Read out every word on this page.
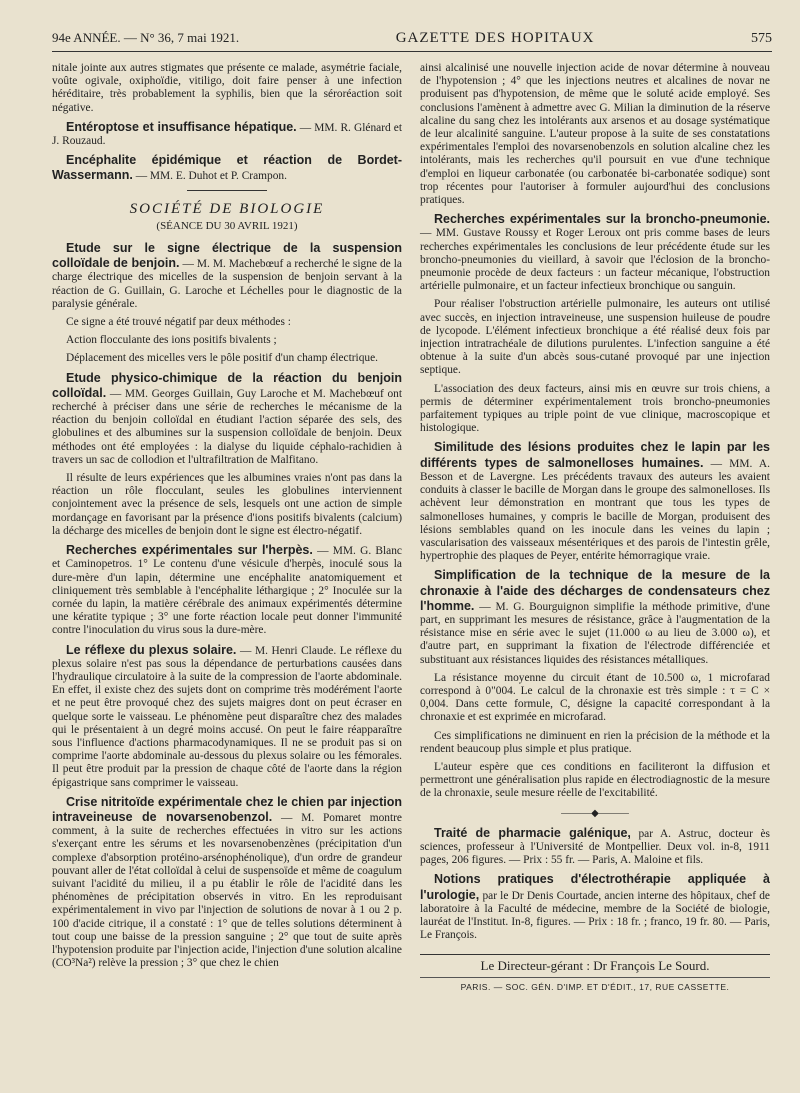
94e ANNÉE. — N° 36, 7 mai 1921.	GAZETTE DES HOPITAUX	575

nitale jointe aux autres stigmates que présente ce malade, asymétrie faciale, voûte ogivale, oxiphoïdie, vitiligo, doit faire penser à une infection héréditaire, très probablement la syphilis, bien que la séroréaction soit négative.

Entéroptose et insuffisance hépatique. — MM. R. Glénard et J. Rouzaud.

Encéphalite épidémique et réaction de Bordet-Wassermann. — MM. E. Duhot et P. Crampon.

SOCIÉTÉ DE BIOLOGIE
(SÉANCE DU 30 AVRIL 1921)

Etude sur le signe électrique de la suspension colloïdale de benjoin. — M. M. Machebœuf a recherché le signe de la charge électrique des micelles de la suspension de benjoin servant à la réaction de G. Guillain, G. Laroche et Léchelles pour le diagnostic de la paralysie générale.

Ce signe a été trouvé négatif par deux méthodes :

Action flocculante des ions positifs bivalents ;

Déplacement des micelles vers le pôle positif d'un champ électrique.

Etude physico-chimique de la réaction du benjoin colloïdal. — MM. Georges Guillain, Guy Laroche et M. Machebœuf ont recherché à préciser dans une série de recherches le mécanisme de la réaction du benjoin colloïdal en étudiant l'action séparée des sels, des globulines et des albumines sur la suspension colloïdale de benjoin. Deux méthodes ont été employées : la dialyse du liquide céphalo-rachidien à travers un sac de collodion et l'ultrafiltration de Malfitano.

Il résulte de leurs expériences que les albumines vraies n'ont pas dans la réaction un rôle flocculant, seules les globulines interviennent conjointement avec la présence de sels, lesquels ont une action de simple mordançage en favorisant par la présence d'ions positifs bivalents (calcium) la décharge des micelles de benjoin dont le signe est électro-négatif.

Recherches expérimentales sur l'herpès. — MM. G. Blanc et Caminopetros. 1° Le contenu d'une vésicule d'herpès, inoculé sous la dure-mère d'un lapin, détermine une encéphalite anatomiquement et cliniquement très semblable à l'encéphalite léthargique ; 2° Inoculée sur la cornée du lapin, la matière cérébrale des animaux expérimentés détermine une kératite typique ; 3° une forte réaction locale peut donner l'immunité contre l'inoculation du virus sous la dure-mère.

Le réflexe du plexus solaire. — M. Henri Claude. Le réflexe du plexus solaire n'est pas sous la dépendance de perturbations causées dans l'hydraulique circulatoire à la suite de la compression de l'aorte abdominale. En effet, il existe chez des sujets dont on comprime très modérément l'aorte et ne peut être provoqué chez des sujets maigres dont on peut écraser en quelque sorte le vaisseau. Le phénomène peut disparaître chez des malades qui le présentaient à un degré moins accusé. On peut le faire réapparaître sous l'influence d'actions pharmacodynamiques. Il ne se produit pas si on comprime l'aorte abdominale au-dessous du plexus solaire ou les fémorales. Il peut être produit par la pression de chaque côté de l'aorte dans la région épigastrique sans comprimer le vaisseau.

Crise nitritoïde expérimentale chez le chien par injection intraveineuse de novarsenobenzol. — M. Pomaret montre comment, à la suite de recherches effectuées in vitro sur les actions s'exerçant entre les sérums et les novarsenobenzènes (précipitation d'un complexe d'absorption protéino-arsénophénolique), d'un ordre de grandeur pouvant aller de l'état colloïdal à celui de suspensoïde et même de coagulum suivant l'acidité du milieu, il a pu établir le rôle de l'acidité dans les phénomènes de précipitation observés in vitro. En les reproduisant expérimentalement in vivo par l'injection de solutions de novar à 1 ou 2 p. 100 d'acide citrique, il a constaté : 1° que de telles solutions déterminent à tout coup une baisse de la pression sanguine ; 2° que tout de suite après l'hypotension produite par l'injection acide, l'injection d'une solution alcaline (CO³Na²) relève la pression ; 3° que chez le chien

ainsi alcalinisé une nouvelle injection acide de novar détermine à nouveau de l'hypotension ; 4° que les injections neutres et alcalines de novar ne produisent pas d'hypotension, de même que le soluté acide employé. Ses conclusions l'amènent à admettre avec G. Milian la diminution de la réserve alcaline du sang chez les intolérants aux arsenos et au dosage systématique de leur alcalinité sanguine. L'auteur propose à la suite de ses constatations expérimentales l'emploi des novarsenobenzols en solution alcaline chez les intolérants, mais les recherches qu'il poursuit en vue d'une technique d'emploi en liqueur carbonatée (ou carbonatée bi-carbonatée sodique) sont trop récentes pour l'autoriser à formuler aujourd'hui des conclusions pratiques.

Recherches expérimentales sur la broncho-pneumonie. — MM. Gustave Roussy et Roger Leroux ont pris comme bases de leurs recherches expérimentales les conclusions de leur précédente étude sur les broncho-pneumonies du vieillard, à savoir que l'éclosion de la broncho-pneumonie procède de deux facteurs : un facteur mécanique, l'obstruction artérielle pulmonaire, et un facteur infectieux bronchique ou sanguin.

Pour réaliser l'obstruction artérielle pulmonaire, les auteurs ont utilisé avec succès, en injection intraveineuse, une suspension huileuse de poudre de lycopode. L'élément infectieux bronchique a été réalisé deux fois par injection intratrachéale de dilutions purulentes. L'infection sanguine a été obtenue à la suite d'un abcès sous-cutané provoqué par une injection septique.

L'association des deux facteurs, ainsi mis en œuvre sur trois chiens, a permis de déterminer expérimentalement trois broncho-pneumonies parfaitement typiques au triple point de vue clinique, macroscopique et histologique.

Similitude des lésions produites chez le lapin par les différents types de salmonelloses humaines. — MM. A. Besson et de Lavergne. Les précédents travaux des auteurs les avaient conduits à classer le bacille de Morgan dans le groupe des salmonelloses. Ils achèvent leur démonstration en montrant que tous les types de salmonelloses humaines, y compris le bacille de Morgan, produisent des lésions semblables quand on les inocule dans les veines du lapin ; vascularisation des vaisseaux mésentériques et des parois de l'intestin grêle, hypertrophie des plaques de Peyer, entérite hémorragique vraie.

Simplification de la technique de la mesure de la chronaxie à l'aide des décharges de condensateurs chez l'homme. — M. G. Bourguignon simplifie la méthode primitive, d'une part, en supprimant les mesures de résistance, grâce à l'augmentation de la résistance mise en série avec le sujet (11.000 ω au lieu de 3.000 ω), et d'autre part, en supprimant la fixation de l'électrode différenciée et substituant aux résistances liquides des résistances métalliques.

La résistance moyenne du circuit étant de 10.500 ω, 1 microfarad correspond à 0"004. Le calcul de la chronaxie est très simple : τ = C × 0,004. Dans cette formule, C, désigne la capacité correspondant à la chronaxie et est exprimée en microfarad.

Ces simplifications ne diminuent en rien la précision de la méthode et la rendent beaucoup plus simple et plus pratique.

L'auteur espère que ces conditions en faciliteront la diffusion et permettront une généralisation plus rapide en électrodiagnostic de la mesure de la chronaxie, seule mesure réelle de l'excitabilité.

———◆———

Traité de pharmacie galénique, par A. Astruc, docteur ès sciences, professeur à l'Université de Montpellier. Deux vol. in-8, 1911 pages, 206 figures. — Prix : 55 fr. — Paris, A. Maloine et fils.

Notions pratiques d'électrothérapie appliquée à l'urologie, par le Dr Denis Courtade, ancien interne des hôpitaux, chef de laboratoire à la Faculté de médecine, membre de la Société de biologie, lauréat de l'Institut. In-8, figures. — Prix : 18 fr. ; franco, 19 fr. 80. — Paris, Le François.

Le Directeur-gérant : Dr François Le Sourd.
PARIS. — SOC. GÉN. D'IMP. ET D'ÉDIT., 17, RUE CASSETTE.
